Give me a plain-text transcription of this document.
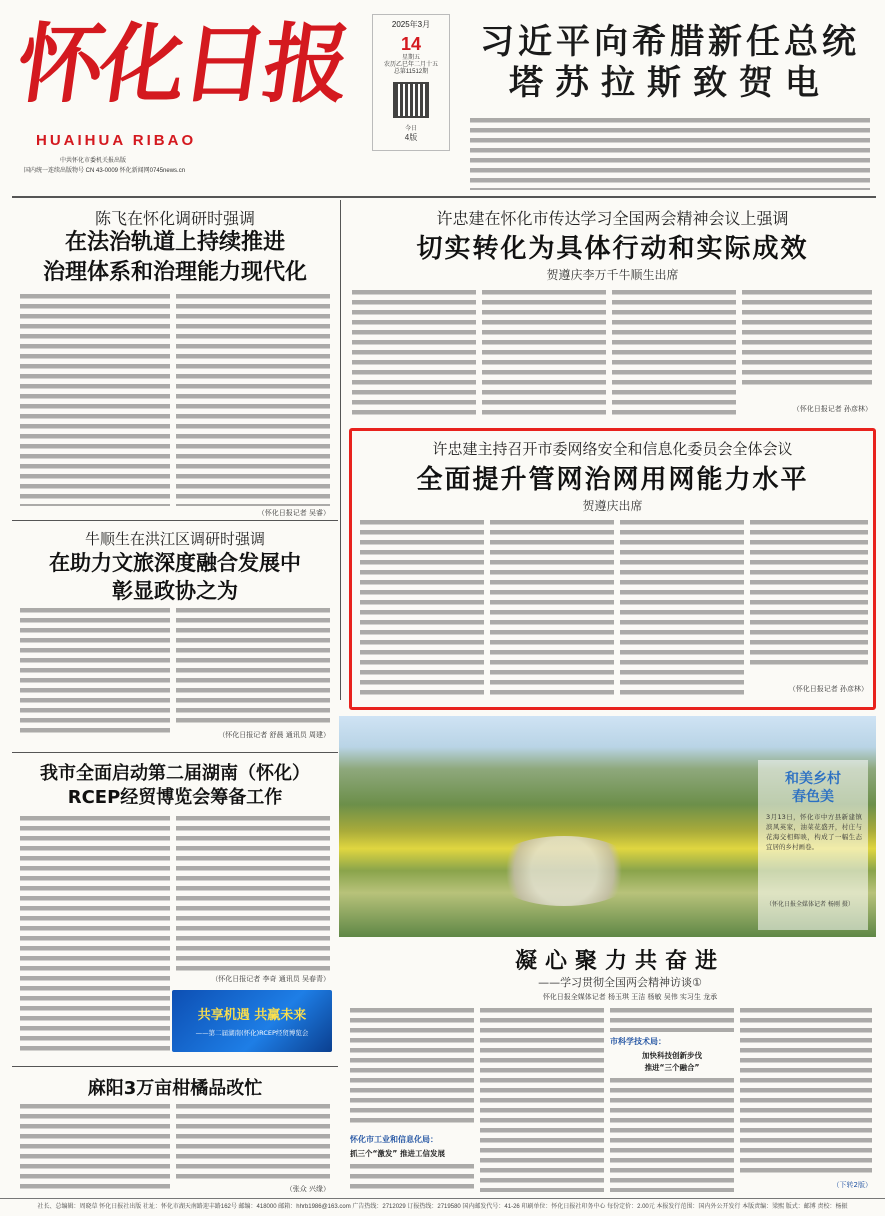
怀化日报
HUAIHUA RIBAO
中共怀化市委机关报出版
国内统一连续出版物号 CN 43-0009 怀化新闻网0745news.cn
2025年3月
14
星期五
农历乙巳年二月十五
总第11512期
今日
4版
习近平向希腊新任总统
塔苏拉斯致贺电
陈飞在怀化调研时强调
在法治轨道上持续推进
治理体系和治理能力现代化
（怀化日报记者 吴睿）
许忠建在怀化市传达学习全国两会精神会议上强调
切实转化为具体行动和实际成效
贺遵庆李万千牛顺生出席
（怀化日报记者 孙彦林）
许忠建主持召开市委网络安全和信息化委员会全体会议
全面提升管网治网用网能力水平
贺遵庆出席
（怀化日报记者 孙彦林）
牛顺生在洪江区调研时强调
在助力文旅深度融合发展中
彰显政协之为
（怀化日报记者 舒晨 通讯员 周建）
和美乡村
春色美
3月13日，怀化市中方县新建镇滨风英家，油菜花盛开，村庄与花海交相辉映，构成了一幅生态宜居的乡村画卷。
（怀化日报全媒体记者 杨刚 摄）
我市全面启动第二届湖南（怀化）
RCEP经贸博览会筹备工作
（怀化日报记者 李奇 通讯员 吴春青）
共享机遇 共赢未来
——第二届湖南(怀化)RCEP经贸博览会
麻阳3万亩柑橘品改忙
（张众 兴缘）
凝心聚力共奋进
——学习贯彻全国两会精神访谈①
怀化日报全媒体记者 杨玉琪 王洁 杨敏 吴伟 实习生 龙承
怀化市工业和信息化局：
抓三个“激发” 推进工信发展
市科学技术局：
加快科技创新步伐
推进“三个融合”
（下转2版）
社长、总编辑：周晓草 怀化日报社出版 社址：怀化市湖天南路迎丰路162号 邮编：418000 邮箱：hhrb1986@163.com 广告热线：2712029 订报热线：2719580 国内邮发代号：41-26 印刷单位：怀化日报社印务中心 每份定价：2.00元 本报发行范围：国内外公开发行 本版责编：梁熙 版式：邮博 责校：杨振
